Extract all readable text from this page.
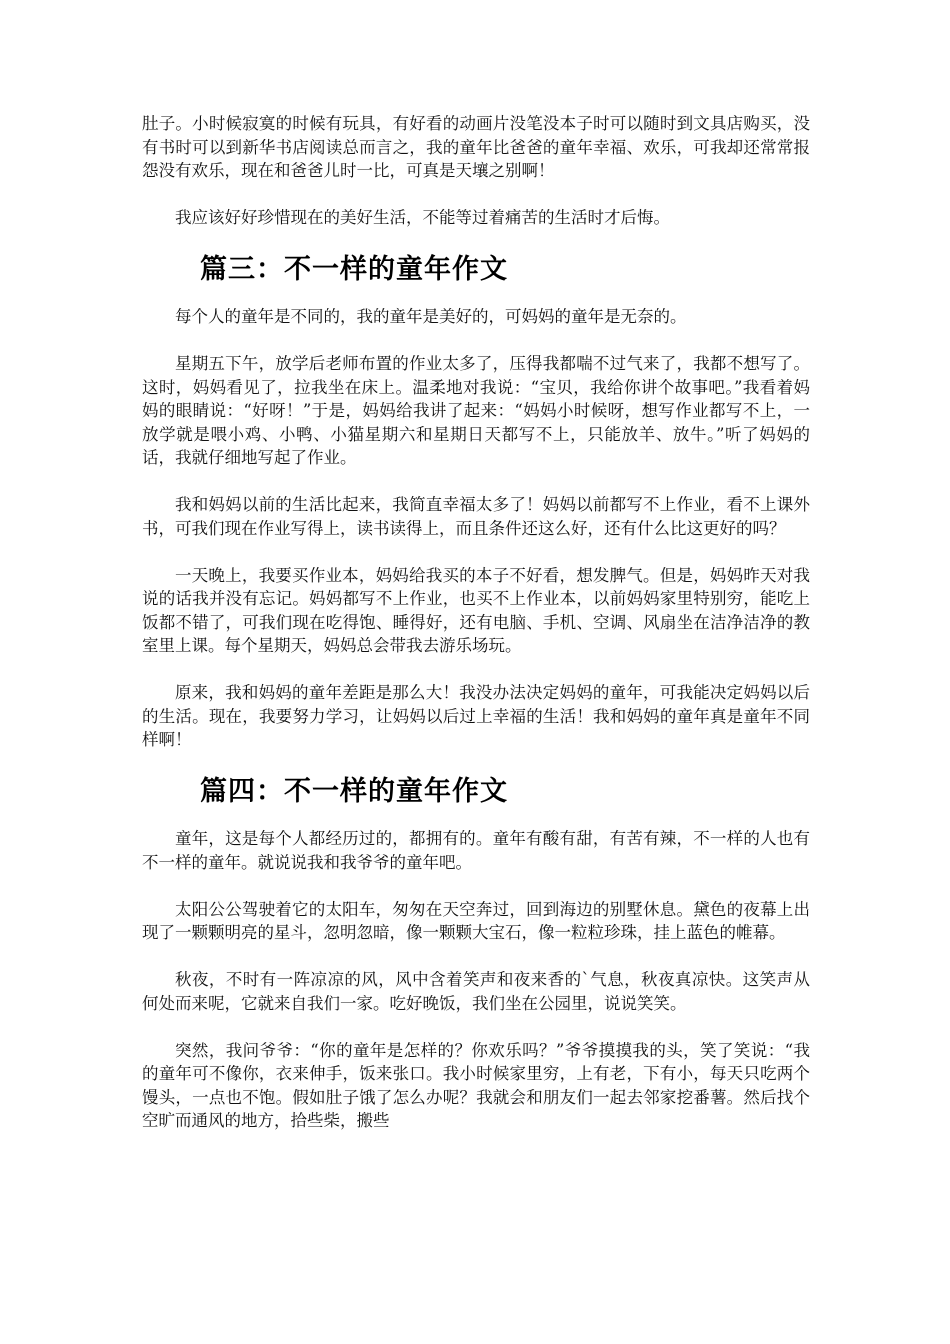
肚子。小时候寂寞的时候有玩具，有好看的动画片没笔没本子时可以随时到文具店购买，没有书时可以到新华书店阅读总而言之，我的童年比爸爸的童年幸福、欢乐，可我却还常常报怨没有欢乐，现在和爸爸儿时一比，可真是天壤之别啊！

我应该好好珍惜现在的美好生活，不能等过着痛苦的生活时才后悔。

篇三：不一样的童年作文

每个人的童年是不同的，我的童年是美好的，可妈妈的童年是无奈的。

星期五下午，放学后老师布置的作业太多了，压得我都喘不过气来了，我都不想写了。这时，妈妈看见了，拉我坐在床上。温柔地对我说：“宝贝，我给你讲个故事吧。”我看着妈妈的眼睛说：“好呀！”于是，妈妈给我讲了起来：“妈妈小时候呀，想写作业都写不上，一放学就是喂小鸡、小鸭、小猫星期六和星期日天都写不上，只能放羊、放牛。”听了妈妈的话，我就仔细地写起了作业。

我和妈妈以前的生活比起来，我简直幸福太多了！妈妈以前都写不上作业，看不上课外书，可我们现在作业写得上，读书读得上，而且条件还这么好，还有什么比这更好的吗？

一天晚上，我要买作业本，妈妈给我买的本子不好看，想发脾气。但是，妈妈昨天对我说的话我并没有忘记。妈妈都写不上作业，也买不上作业本，以前妈妈家里特别穷，能吃上饭都不错了，可我们现在吃得饱、睡得好，还有电脑、手机、空调、风扇坐在洁净洁净的教室里上课。每个星期天，妈妈总会带我去游乐场玩。

原来，我和妈妈的童年差距是那么大！我没办法决定妈妈的童年，可我能决定妈妈以后的生活。现在，我要努力学习，让妈妈以后过上幸福的生活！我和妈妈的童年真是童年不同样啊！

篇四：不一样的童年作文

童年，这是每个人都经历过的，都拥有的。童年有酸有甜，有苦有辣，不一样的人也有不一样的童年。就说说我和我爷爷的童年吧。

太阳公公驾驶着它的太阳车，匆匆在天空奔过，回到海边的别墅休息。黛色的夜幕上出现了一颗颗明亮的星斗，忽明忽暗，像一颗颗大宝石，像一粒粒珍珠，挂上蓝色的帷幕。

秋夜，不时有一阵凉凉的风，风中含着笑声和夜来香的`气息，秋夜真凉快。这笑声从何处而来呢，它就来自我们一家。吃好晚饭，我们坐在公园里，说说笑笑。

突然，我问爷爷：“你的童年是怎样的？你欢乐吗？”爷爷摸摸我的头，笑了笑说：“我的童年可不像你，衣来伸手，饭来张口。我小时候家里穷，上有老，下有小，每天只吃两个馒头，一点也不饱。假如肚子饿了怎么办呢？我就会和朋友们一起去邻家挖番薯。然后找个空旷而通风的地方，拾些柴，搬些
